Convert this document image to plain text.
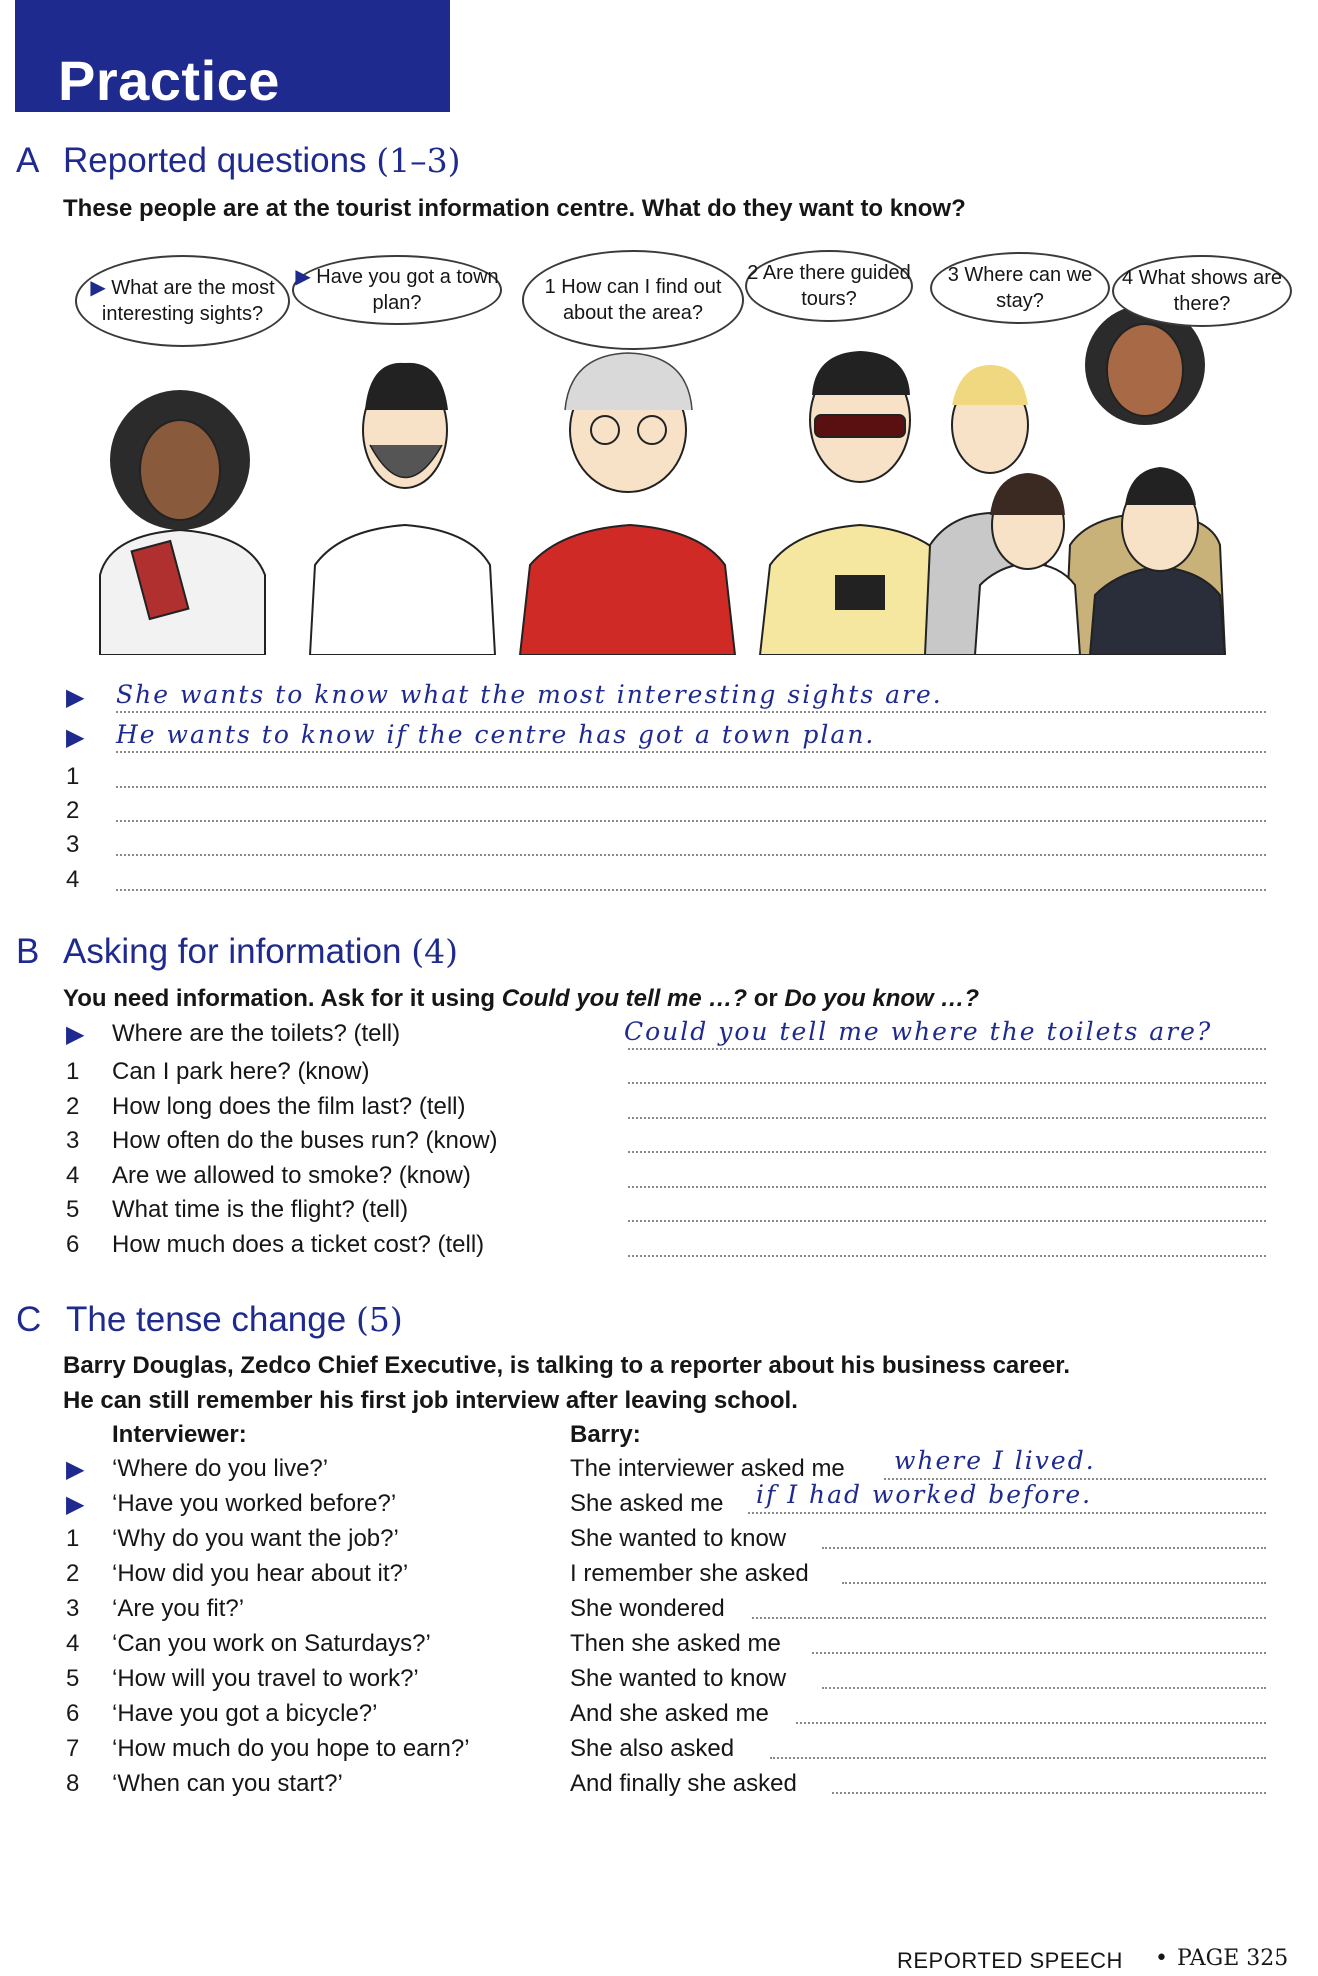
Practice
A Reported questions (1–3)
These people are at the tourist information centre. What do they want to know?
▶ What are the most interesting sights?
▶ Have you got a town plan?
1 How can I find out about the area?
2 Are there guided tours?
3 Where can we stay?
4 What shows are there?
▶ She wants to know what the most interesting sights are.
▶ He wants to know if the centre has got a town plan.
1
2
3
4
B Asking for information (4)
You need information. Ask for it using Could you tell me …? or Do you know …?
▶ Where are the toilets? (tell)	Could you tell me where the toilets are?
1 Can I park here? (know)
2 How long does the film last? (tell)
3 How often do the buses run? (know)
4 Are we allowed to smoke? (know)
5 What time is the flight? (tell)
6 How much does a ticket cost? (tell)
C The tense change (5)
Barry Douglas, Zedco Chief Executive, is talking to a reporter about his business career.
He can still remember his first job interview after leaving school.
Interviewer:	Barry:
▶ ‘Where do you live?’	The interviewer asked me where I lived.
▶ ‘Have you worked before?’	She asked me if I had worked before.
1 ‘Why do you want the job?’	She wanted to know
2 ‘How did you hear about it?’	I remember she asked
3 ‘Are you fit?’	She wondered
4 ‘Can you work on Saturdays?’	Then she asked me
5 ‘How will you travel to work?’	She wanted to know
6 ‘Have you got a bicycle?’	And she asked me
7 ‘How much do you hope to earn?’	She also asked
8 ‘When can you start?’	And finally she asked
REPORTED SPEECH • PAGE 325
